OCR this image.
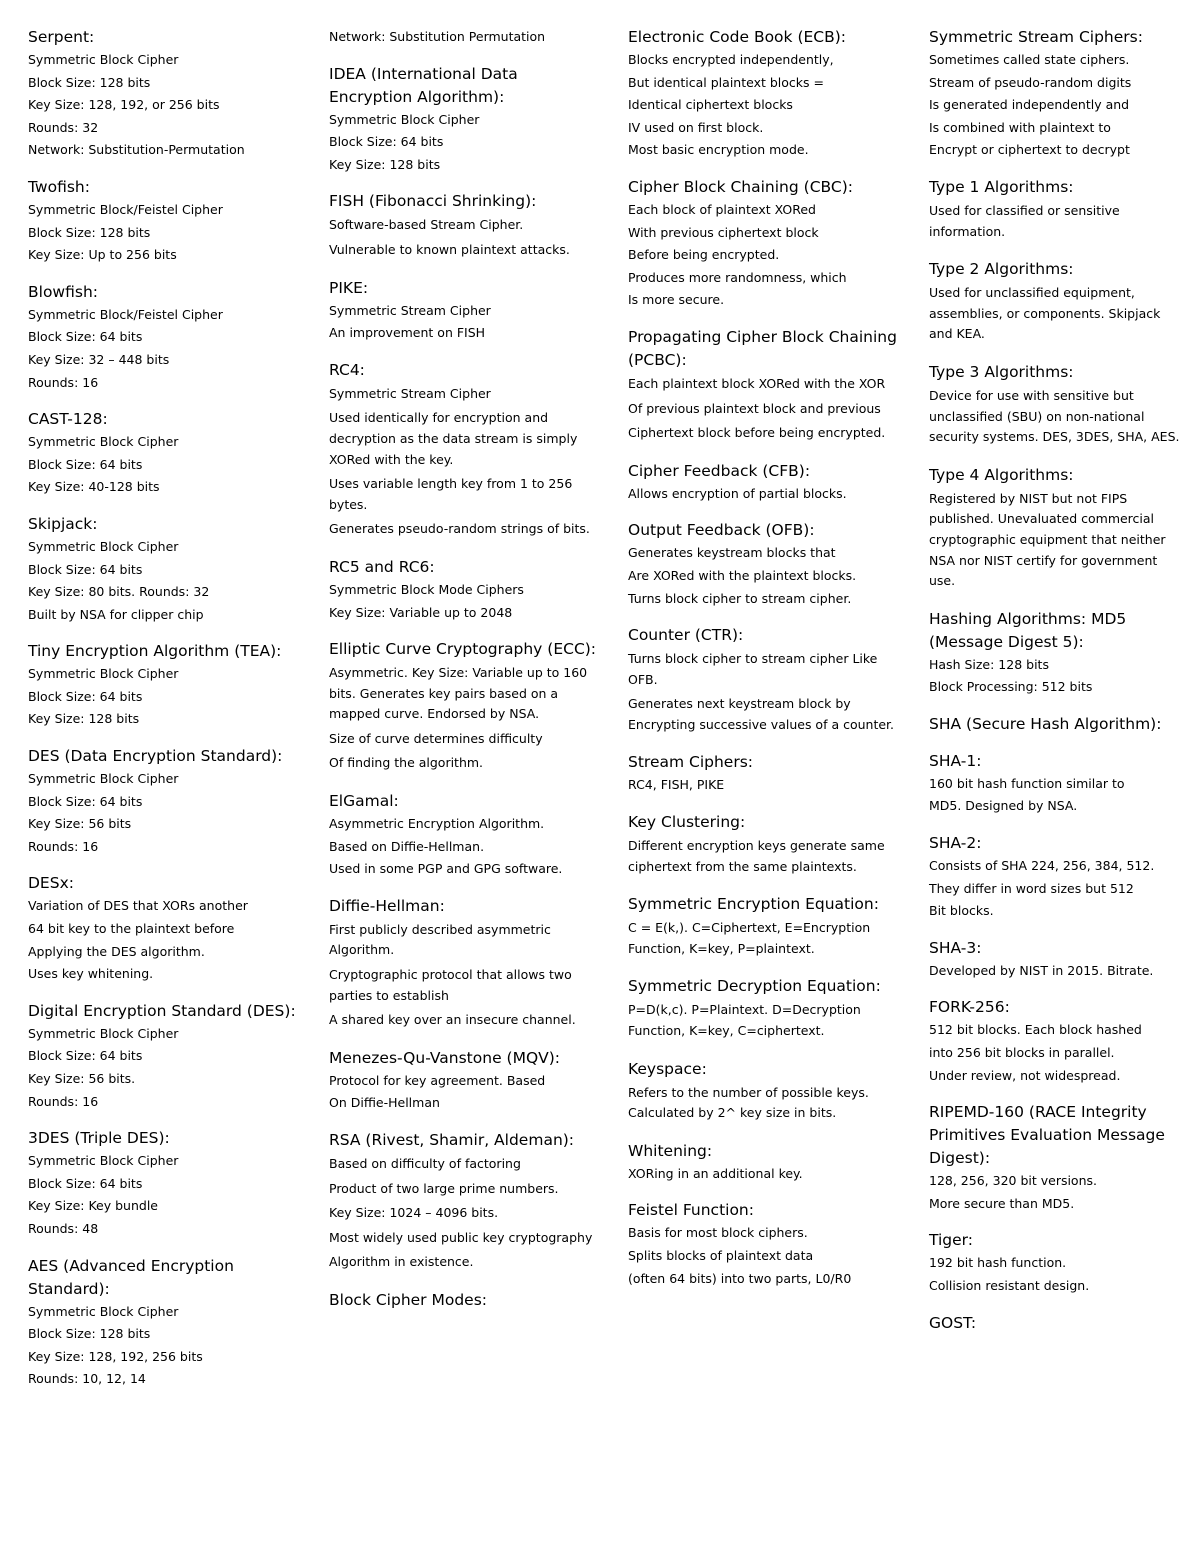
Serpent:
Symmetric Block Cipher
Block Size: 128 bits
Key Size: 128, 192, or 256 bits
Rounds: 32
Network: Substitution-Permutation
Twofish:
Symmetric Block/Feistel Cipher
Block Size: 128 bits
Key Size: Up to 256 bits
Blowfish:
Symmetric Block/Feistel Cipher
Block Size: 64 bits
Key Size: 32 – 448 bits
Rounds: 16
CAST-128:
Symmetric Block Cipher
Block Size: 64 bits
Key Size: 40-128 bits
Skipjack:
Symmetric Block Cipher
Block Size: 64 bits
Key Size: 80 bits. Rounds: 32
Built by NSA for clipper chip
Tiny Encryption Algorithm (TEA):
Symmetric Block Cipher
Block Size: 64 bits
Key Size: 128 bits
DES (Data Encryption Standard):
Symmetric Block Cipher
Block Size: 64 bits
Key Size: 56 bits
Rounds: 16
DESx:
Variation of DES that XORs another
64 bit key to the plaintext before
Applying the DES algorithm.
Uses key whitening.
Digital Encryption Standard (DES):
Symmetric Block Cipher
Block Size: 64 bits
Key Size: 56 bits.
Rounds: 16
3DES (Triple DES):
Symmetric Block Cipher
Block Size: 64 bits
Key Size: Key bundle
Rounds: 48
AES (Advanced Encryption Standard):
Symmetric Block Cipher
Block Size: 128 bits
Key Size: 128, 192, 256 bits
Rounds: 10, 12, 14
Network: Substitution Permutation
IDEA (International Data Encryption Algorithm):
Symmetric Block Cipher
Block Size: 64 bits
Key Size: 128 bits
FISH (Fibonacci Shrinking):
Software-based Stream Cipher.
Vulnerable to known plaintext attacks.
PIKE:
Symmetric Stream Cipher
An improvement on FISH
RC4:
Symmetric Stream Cipher
Used identically for encryption and decryption as the data stream is simply XORed with the key.
Uses variable length key from 1 to 256 bytes.
Generates pseudo-random strings of bits.
RC5 and RC6:
Symmetric Block Mode Ciphers
Key Size: Variable up to 2048
Elliptic Curve Cryptography (ECC):
Asymmetric. Key Size: Variable up to 160 bits. Generates key pairs based on a mapped curve. Endorsed by NSA.
Size of curve determines difficulty
Of finding the algorithm.
ElGamal:
Asymmetric Encryption Algorithm.
Based on Diffie-Hellman.
Used in some PGP and GPG software.
Diffie-Hellman:
First publicly described asymmetric Algorithm.
Cryptographic protocol that allows two parties to establish
A shared key over an insecure channel.
Menezes-Qu-Vanstone (MQV):
Protocol for key agreement. Based
On Diffie-Hellman
RSA (Rivest, Shamir, Aldeman):
Based on difficulty of factoring
Product of two large prime numbers.
Key Size: 1024 – 4096 bits.
Most widely used public key cryptography
Algorithm in existence.
Block Cipher Modes:
Electronic Code Book (ECB):
Blocks encrypted independently,
But identical plaintext blocks =
Identical ciphertext blocks
IV used on first block.
Most basic encryption mode.
Cipher Block Chaining (CBC):
Each block of plaintext XORed
With previous ciphertext block
Before being encrypted.
Produces more randomness, which
Is more secure.
Propagating Cipher Block Chaining (PCBC):
Each plaintext block XORed with the XOR
Of previous plaintext block and previous
Ciphertext block before being encrypted.
Cipher Feedback (CFB):
Allows encryption of partial blocks.
Output Feedback (OFB):
Generates keystream blocks that
Are XORed with the plaintext blocks.
Turns block cipher to stream cipher.
Counter (CTR):
Turns block cipher to stream cipher Like OFB.
Generates next keystream block by Encrypting successive values of a counter.
Stream Ciphers:
RC4, FISH, PIKE
Key Clustering:
Different encryption keys generate same ciphertext from the same plaintexts.
Symmetric Encryption Equation:
C = E(k,). C=Ciphertext, E=Encryption Function, K=key, P=plaintext.
Symmetric Decryption Equation:
P=D(k,c). P=Plaintext. D=Decryption Function, K=key, C=ciphertext.
Keyspace:
Refers to the number of possible keys. Calculated by 2^ key size in bits.
Whitening:
XORing in an additional key.
Feistel Function:
Basis for most block ciphers.
Splits blocks of plaintext data
(often 64 bits) into two parts, L0/R0
Symmetric Stream Ciphers:
Sometimes called state ciphers.
Stream of pseudo-random digits
Is generated independently and
Is combined with plaintext to
Encrypt or ciphertext to decrypt
Type 1 Algorithms:
Used for classified or sensitive information.
Type 2 Algorithms:
Used for unclassified equipment, assemblies, or components. Skipjack and KEA.
Type 3 Algorithms:
Device for use with sensitive but unclassified (SBU) on non-national security systems. DES, 3DES, SHA, AES.
Type 4 Algorithms:
Registered by NIST but not FIPS published. Unevaluated commercial cryptographic equipment that neither NSA nor NIST certify for government use.
Hashing Algorithms: MD5 (Message Digest 5):
Hash Size: 128 bits
Block Processing: 512 bits
SHA (Secure Hash Algorithm):
SHA-1:
160 bit hash function similar to
MD5. Designed by NSA.
SHA-2:
Consists of SHA 224, 256, 384, 512.
They differ in word sizes but 512
Bit blocks.
SHA-3:
Developed by NIST in 2015. Bitrate.
FORK-256:
512 bit blocks. Each block hashed
into 256 bit blocks in parallel.
Under review, not widespread.
RIPEMD-160 (RACE Integrity Primitives Evaluation Message Digest):
128, 256, 320 bit versions.
More secure than MD5.
Tiger:
192 bit hash function.
Collision resistant design.
GOST:
